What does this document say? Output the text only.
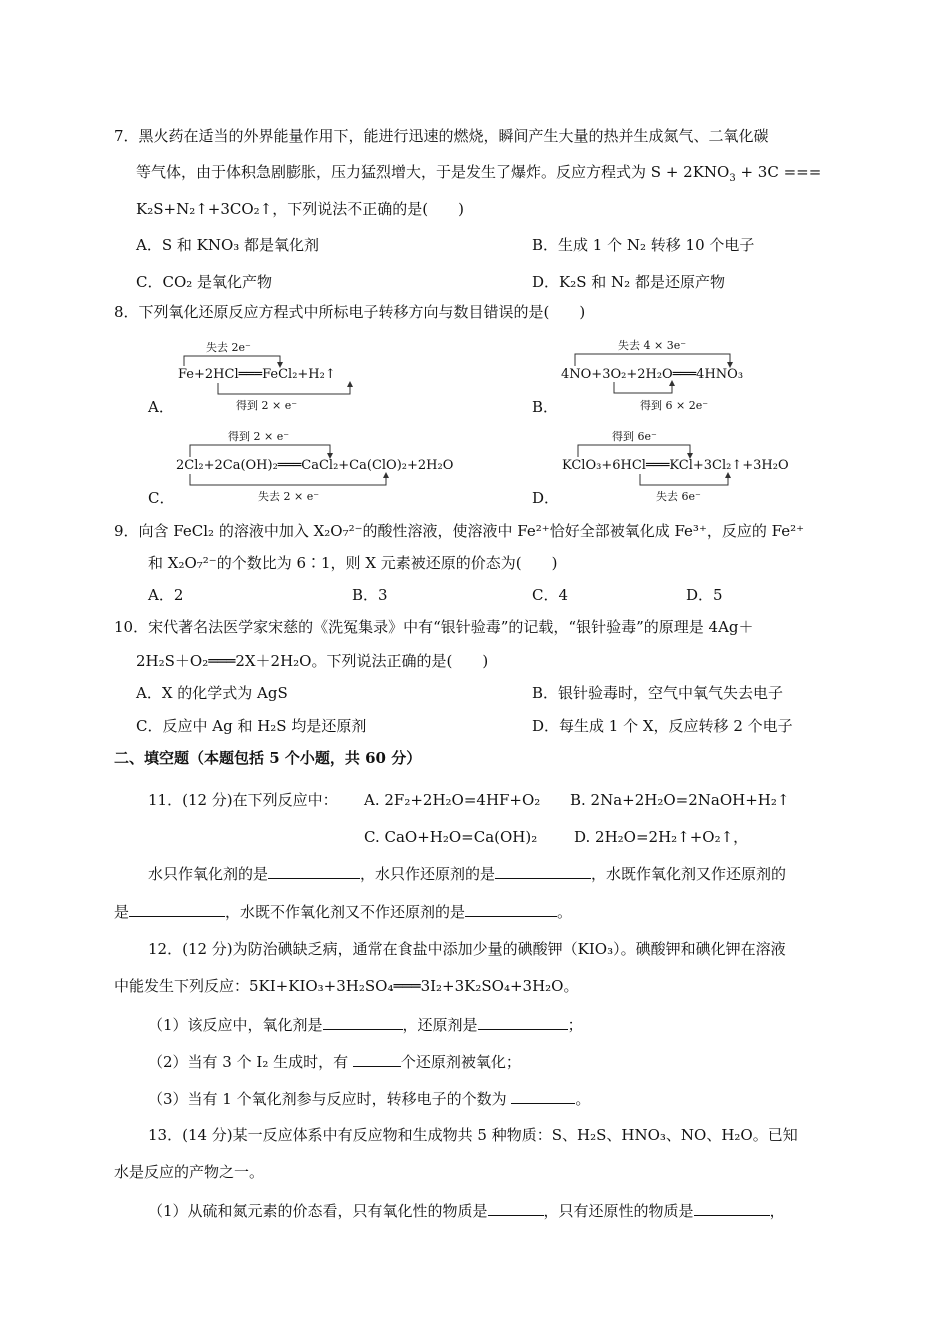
7．黑火药在适当的外界能量作用下，能进行迅速的燃烧，瞬间产生大量的热并生成氮气、二氧化碳
等气体，由于体积急剧膨胀，压力猛烈增大，于是发生了爆炸。反应方程式为 $S + 2KNO_3 + 3C$ ===
K₂S+N₂↑+3CO₂↑，下列说法不正确的是(　　)
A．S 和 KNO₃ 都是氧化剂	B．生成 1 个 N₂ 转移 10 个电子
C．CO₂ 是氧化产物	D．K₂S 和 N₂ 都是还原产物
8．下列氧化还原反应方程式中所标电子转移方向与数目错误的是(　　)
失去 2e⁻
Fe+2HCl═══FeCl₂+H₂↑
得到 2 × e⁻
A．
失去 4 × 3e⁻
4NO+3O₂+2H₂O═══4HNO₃
得到 6 × 2e⁻
B．
得到 2 × e⁻
2Cl₂+2Ca(OH)₂═══CaCl₂+Ca(ClO)₂+2H₂O
失去 2 × e⁻
C．
得到 6e⁻
KClO₃+6HCl═══KCl+3Cl₂↑+3H₂O
失去 6e⁻
D．
9．向含 FeCl₂ 的溶液中加入 X₂O₇²⁻的酸性溶液，使溶液中 Fe²⁺恰好全部被氧化成 Fe³⁺，反应的 Fe²⁺
和 X₂O₇²⁻的个数比为 6∶1，则 X 元素被还原的价态为(　　)
A．2	B．3	C．4	D．5
10．宋代著名法医学家宋慈的《洗冤集录》中有“银针验毒”的记载，“银针验毒”的原理是 4Ag＋
2H₂S＋O₂═══2X＋2H₂O。下列说法正确的是(　　)
A．X 的化学式为 AgS	B．银针验毒时，空气中氧气失去电子
C．反应中 Ag 和 H₂S 均是还原剂	D．每生成 1 个 X，反应转移 2 个电子
二、填空题（本题包括 5 个小题，共 60 分）
11．(12 分)在下列反应中： A. 2F₂+2H₂O=4HF+O₂ B. 2Na+2H₂O=2NaOH+H₂↑
C. CaO+H₂O=Ca(OH)₂ D. 2H₂O=2H₂↑+O₂↑，
水只作氧化剂的是	，水只作还原剂的是	，水既作氧化剂又作还原剂的
是	，水既不作氧化剂又不作还原剂的是	。
12．(12 分)为防治碘缺乏病，通常在食盐中添加少量的碘酸钾（KIO₃）。碘酸钾和碘化钾在溶液
中能发生下列反应：5KI+KIO₃+3H₂SO₄═══3I₂+3K₂SO₄+3H₂O。
（1）该反应中，氧化剂是	，还原剂是	；
（2）当有 3 个 I₂ 生成时，有	个还原剂被氧化；
（3）当有 1 个氧化剂参与反应时，转移电子的个数为	。
13．(14 分)某一反应体系中有反应物和生成物共 5 种物质：S、H₂S、HNO₃、NO、H₂O。已知
水是反应的产物之一。
（1）从硫和氮元素的价态看，只有氧化性的物质是	，只有还原性的物质是	，
